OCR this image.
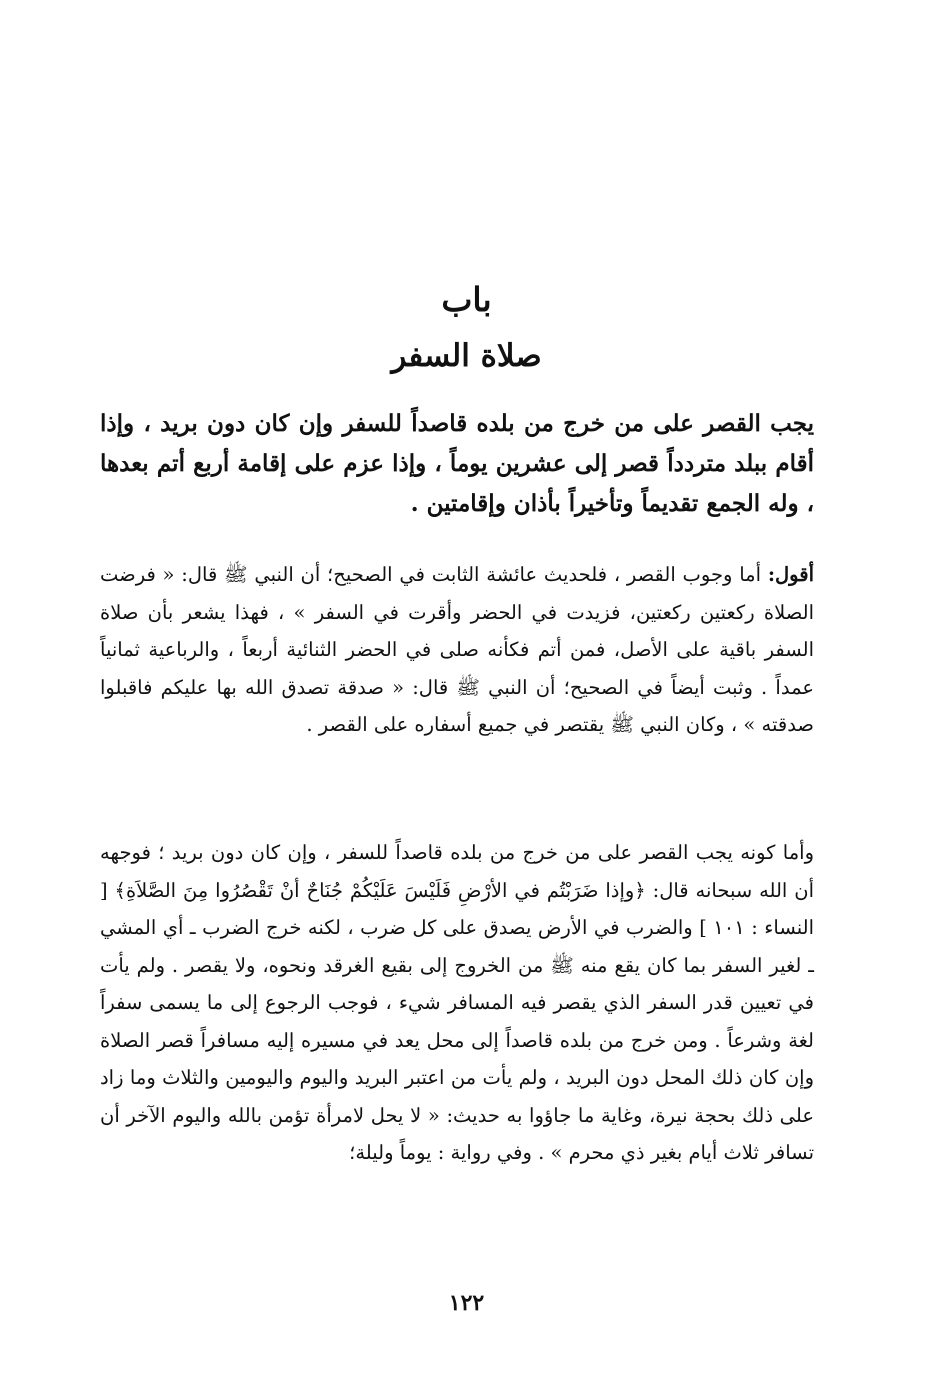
باب
صلاة السفر

يجب القصر على من خرج من بلده قاصداً للسفر وإن كان دون بريد ، وإذا أقام ببلد متردداً قصر إلى عشرين يوماً ، وإذا عزم على إقامة أربع أتم بعدها ، وله الجمع تقديماً وتأخيراً بأذان وإقامتين .

أقول: أما وجوب القصر ، فلحديث عائشة الثابت في الصحيح؛ أن النبي ﷺ قال: « فرضت الصلاة ركعتين ركعتين، فزيدت في الحضر وأقرت في السفر » ، فهذا يشعر بأن صلاة السفر باقية على الأصل، فمن أتم فكأنه صلى في الحضر الثنائية أربعاً ، والرباعية ثمانياً عمداً . وثبت أيضاً في الصحيح؛ أن النبي ﷺ قال: « صدقة تصدق الله بها عليكم فاقبلوا صدقته » ، وكان النبي ﷺ يقتصر في جميع أسفاره على القصر .

وأما كونه يجب القصر على من خرج من بلده قاصداً للسفر ، وإن كان دون بريد ؛ فوجهه أن الله سبحانه قال: ﴿وإذا ضَرَبْتُم في الأرْضِ فَلَيْسَ عَلَيْكُمْ جُنَاحٌ أنْ تَقْصُرُوا مِنَ الصَّلاَةِ﴾ [ النساء : ١٠١ ] والضرب في الأرض يصدق على كل ضرب ، لكنه خرج الضرب ـ أي المشي ـ لغير السفر بما كان يقع منه ﷺ من الخروج إلى بقيع الغرقد ونحوه، ولا يقصر . ولم يأت في تعيين قدر السفر الذي يقصر فيه المسافر شيء ، فوجب الرجوع إلى ما يسمى سفراً لغة وشرعاً . ومن خرج من بلده قاصداً إلى محل يعد في مسيره إليه مسافراً قصر الصلاة وإن كان ذلك المحل دون البريد ، ولم يأت من اعتبر البريد واليوم واليومين والثلاث وما زاد على ذلك بحجة نيرة، وغاية ما جاؤوا به حديث: « لا يحل لامرأة تؤمن بالله واليوم الآخر أن تسافر ثلاث أيام بغير ذي محرم » . وفي رواية : يوماً وليلة؛

١٢٢
